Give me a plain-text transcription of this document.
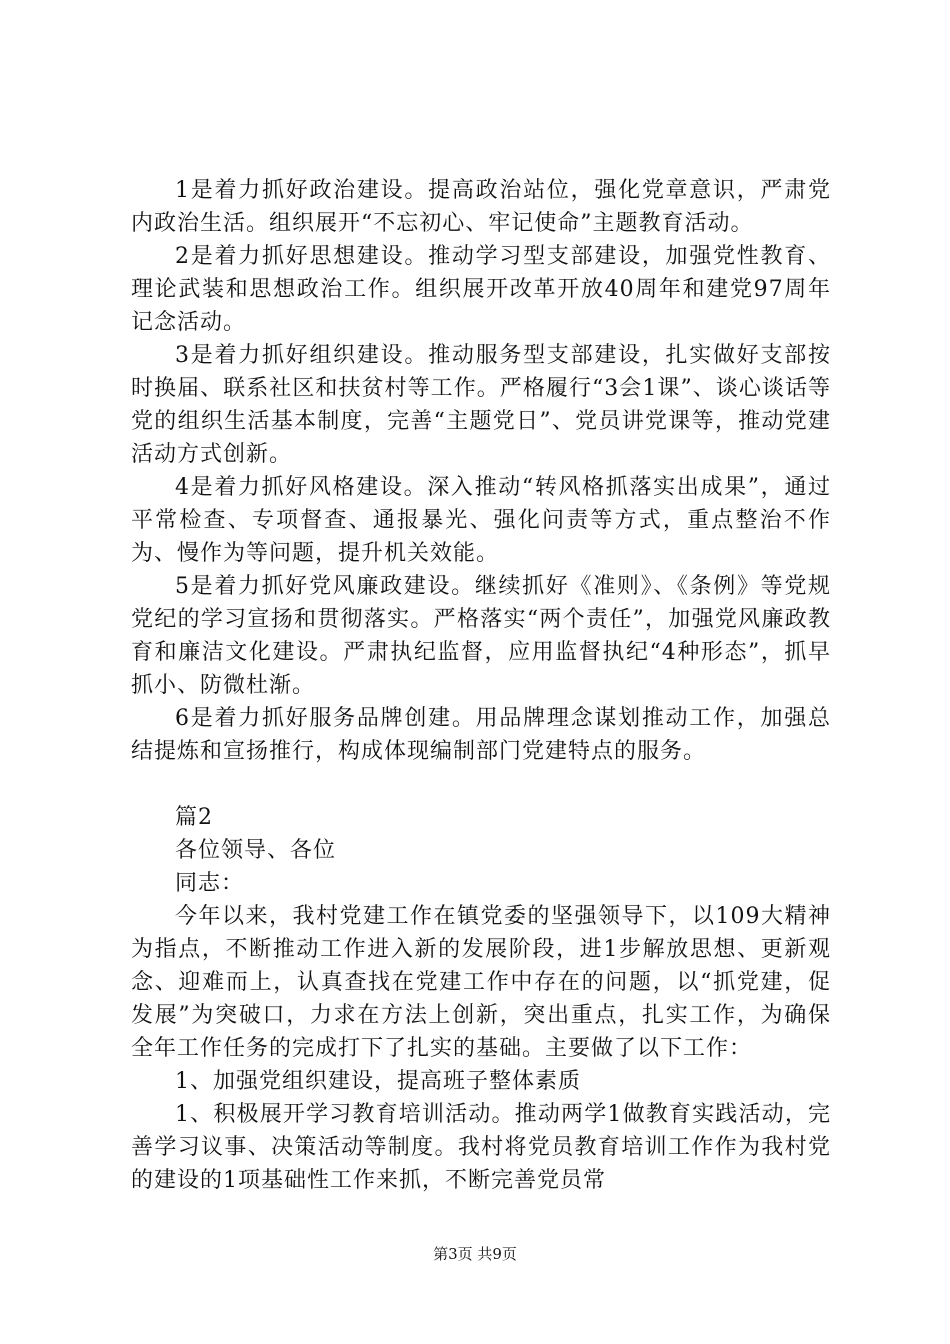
1是着力抓好政治建设。提高政治站位，强化党章意识，严肃党内政治生活。组织展开“不忘初心、牢记使命”主题教育活动。

2是着力抓好思想建设。推动学习型支部建设，加强党性教育、理论武装和思想政治工作。组织展开改革开放40周年和建党97周年记念活动。

3是着力抓好组织建设。推动服务型支部建设，扎实做好支部按时换届、联系社区和扶贫村等工作。严格履行“3会1课”、谈心谈话等党的组织生活基本制度，完善“主题党日”、党员讲党课等，推动党建活动方式创新。

4是着力抓好风格建设。深入推动“转风格抓落实出成果”，通过平常检查、专项督查、通报暴光、强化问责等方式，重点整治不作为、慢作为等问题，提升机关效能。

5是着力抓好党风廉政建设。继续抓好《准则》、《条例》等党规党纪的学习宣扬和贯彻落实。严格落实“两个责任”，加强党风廉政教育和廉洁文化建设。严肃执纪监督，应用监督执纪“4种形态”，抓早抓小、防微杜渐。

6是着力抓好服务品牌创建。用品牌理念谋划推动工作，加强总结提炼和宣扬推行，构成体现编制部门党建特点的服务。

篇2

各位领导、各位

同志：

今年以来，我村党建工作在镇党委的坚强领导下，以109大精神为指点，不断推动工作进入新的发展阶段，进1步解放思想、更新观念、迎难而上，认真查找在党建工作中存在的问题，以“抓党建，促发展”为突破口，力求在方法上创新，突出重点，扎实工作，为确保全年工作任务的完成打下了扎实的基础。主要做了以下工作：

1、加强党组织建设，提高班子整体素质

1、积极展开学习教育培训活动。推动两学1做教育实践活动，完善学习议事、决策活动等制度。我村将党员教育培训工作作为我村党的建设的1项基础性工作来抓，不断完善党员常

第3页 共9页
